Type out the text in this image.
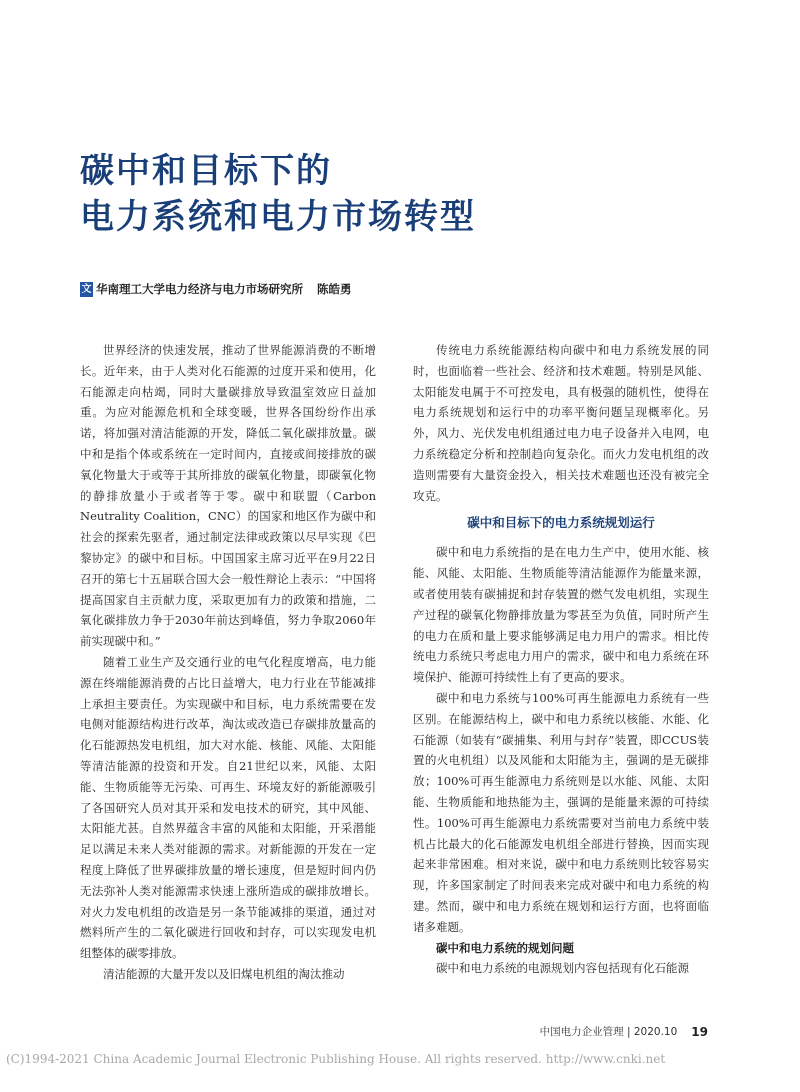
碳中和目标下的
电力系统和电力市场转型
文 华南理工大学电力经济与电力市场研究所 陈皓勇

世界经济的快速发展，推动了世界能源消费的不断增长。近年来，由于人类对化石能源的过度开采和使用，化石能源走向枯竭，同时大量碳排放导致温室效应日益加重。为应对能源危机和全球变暖，世界各国纷纷作出承诺，将加强对清洁能源的开发，降低二氧化碳排放量。碳中和是指个体或系统在一定时间内，直接或间接排放的碳氧化物量大于或等于其所排放的碳氧化物量，即碳氧化物的静排放量小于或者等于零。碳中和联盟（Carbon Neutrality Coalition，CNC）的国家和地区作为碳中和社会的探索先驱者，通过制定法律或政策以尽早实现《巴黎协定》的碳中和目标。中国国家主席习近平在9月22日召开的第七十五届联合国大会一般性辩论上表示：“中国将提高国家自主贡献力度，采取更加有力的政策和措施，二氧化碳排放力争于2030年前达到峰值，努力争取2060年前实现碳中和。”

随着工业生产及交通行业的电气化程度增高，电力能源在终端能源消费的占比日益增大，电力行业在节能减排上承担主要责任。为实现碳中和目标，电力系统需要在发电侧对能源结构进行改革，淘汰或改造已存碳排放量高的化石能源热发电机组，加大对水能、核能、风能、太阳能等清洁能源的投资和开发。自21世纪以来，风能、太阳能、生物质能等无污染、可再生、环境友好的新能源吸引了各国研究人员对其开采和发电技术的研究，其中风能、太阳能尤甚。自然界蕴含丰富的风能和太阳能，开采潜能足以满足未来人类对能源的需求。对新能源的开发在一定程度上降低了世界碳排放量的增长速度，但是短时间内仍无法弥补人类对能源需求快速上涨所造成的碳排放增长。对火力发电机组的改造是另一条节能减排的渠道，通过对燃料所产生的二氧化碳进行回收和封存，可以实现发电机组整体的碳零排放。

清洁能源的大量开发以及旧煤电机组的淘汰推动

传统电力系统能源结构向碳中和电力系统发展的同时，也面临着一些社会、经济和技术难题。特别是风能、太阳能发电属于不可控发电，具有极强的随机性，使得在电力系统规划和运行中的功率平衡问题呈现概率化。另外，风力、光伏发电机组通过电力电子设备并入电网，电力系统稳定分析和控制趋向复杂化。而火力发电机组的改造则需要有大量资金投入，相关技术难题也还没有被完全攻克。

碳中和目标下的电力系统规划运行

碳中和电力系统指的是在电力生产中，使用水能、核能、风能、太阳能、生物质能等清洁能源作为能量来源，或者使用装有碳捕捉和封存装置的燃气发电机组，实现生产过程的碳氧化物静排放量为零甚至为负值，同时所产生的电力在质和量上要求能够满足电力用户的需求。相比传统电力系统只考虑电力用户的需求，碳中和电力系统在环境保护、能源可持续性上有了更高的要求。

碳中和电力系统与100%可再生能源电力系统有一些区别。在能源结构上，碳中和电力系统以核能、水能、化石能源（如装有“碳捕集、利用与封存”装置，即CCUS装置的火电机组）以及风能和太阳能为主，强调的是无碳排放；100%可再生能源电力系统则是以水能、风能、太阳能、生物质能和地热能为主，强调的是能量来源的可持续性。100%可再生能源电力系统需要对当前电力系统中装机占比最大的化石能源发电机组全部进行替换，因而实现起来非常困难。相对来说，碳中和电力系统则比较容易实现，许多国家制定了时间表来完成对碳中和电力系统的构建。然而，碳中和电力系统在规划和运行方面，也将面临诸多难题。

碳中和电力系统的规划问题

碳中和电力系统的电源规划内容包括现有化石能源

中国电力企业管理 | 2020.10 19
(C)1994-2021 China Academic Journal Electronic Publishing House. All rights reserved. http://www.cnki.net
